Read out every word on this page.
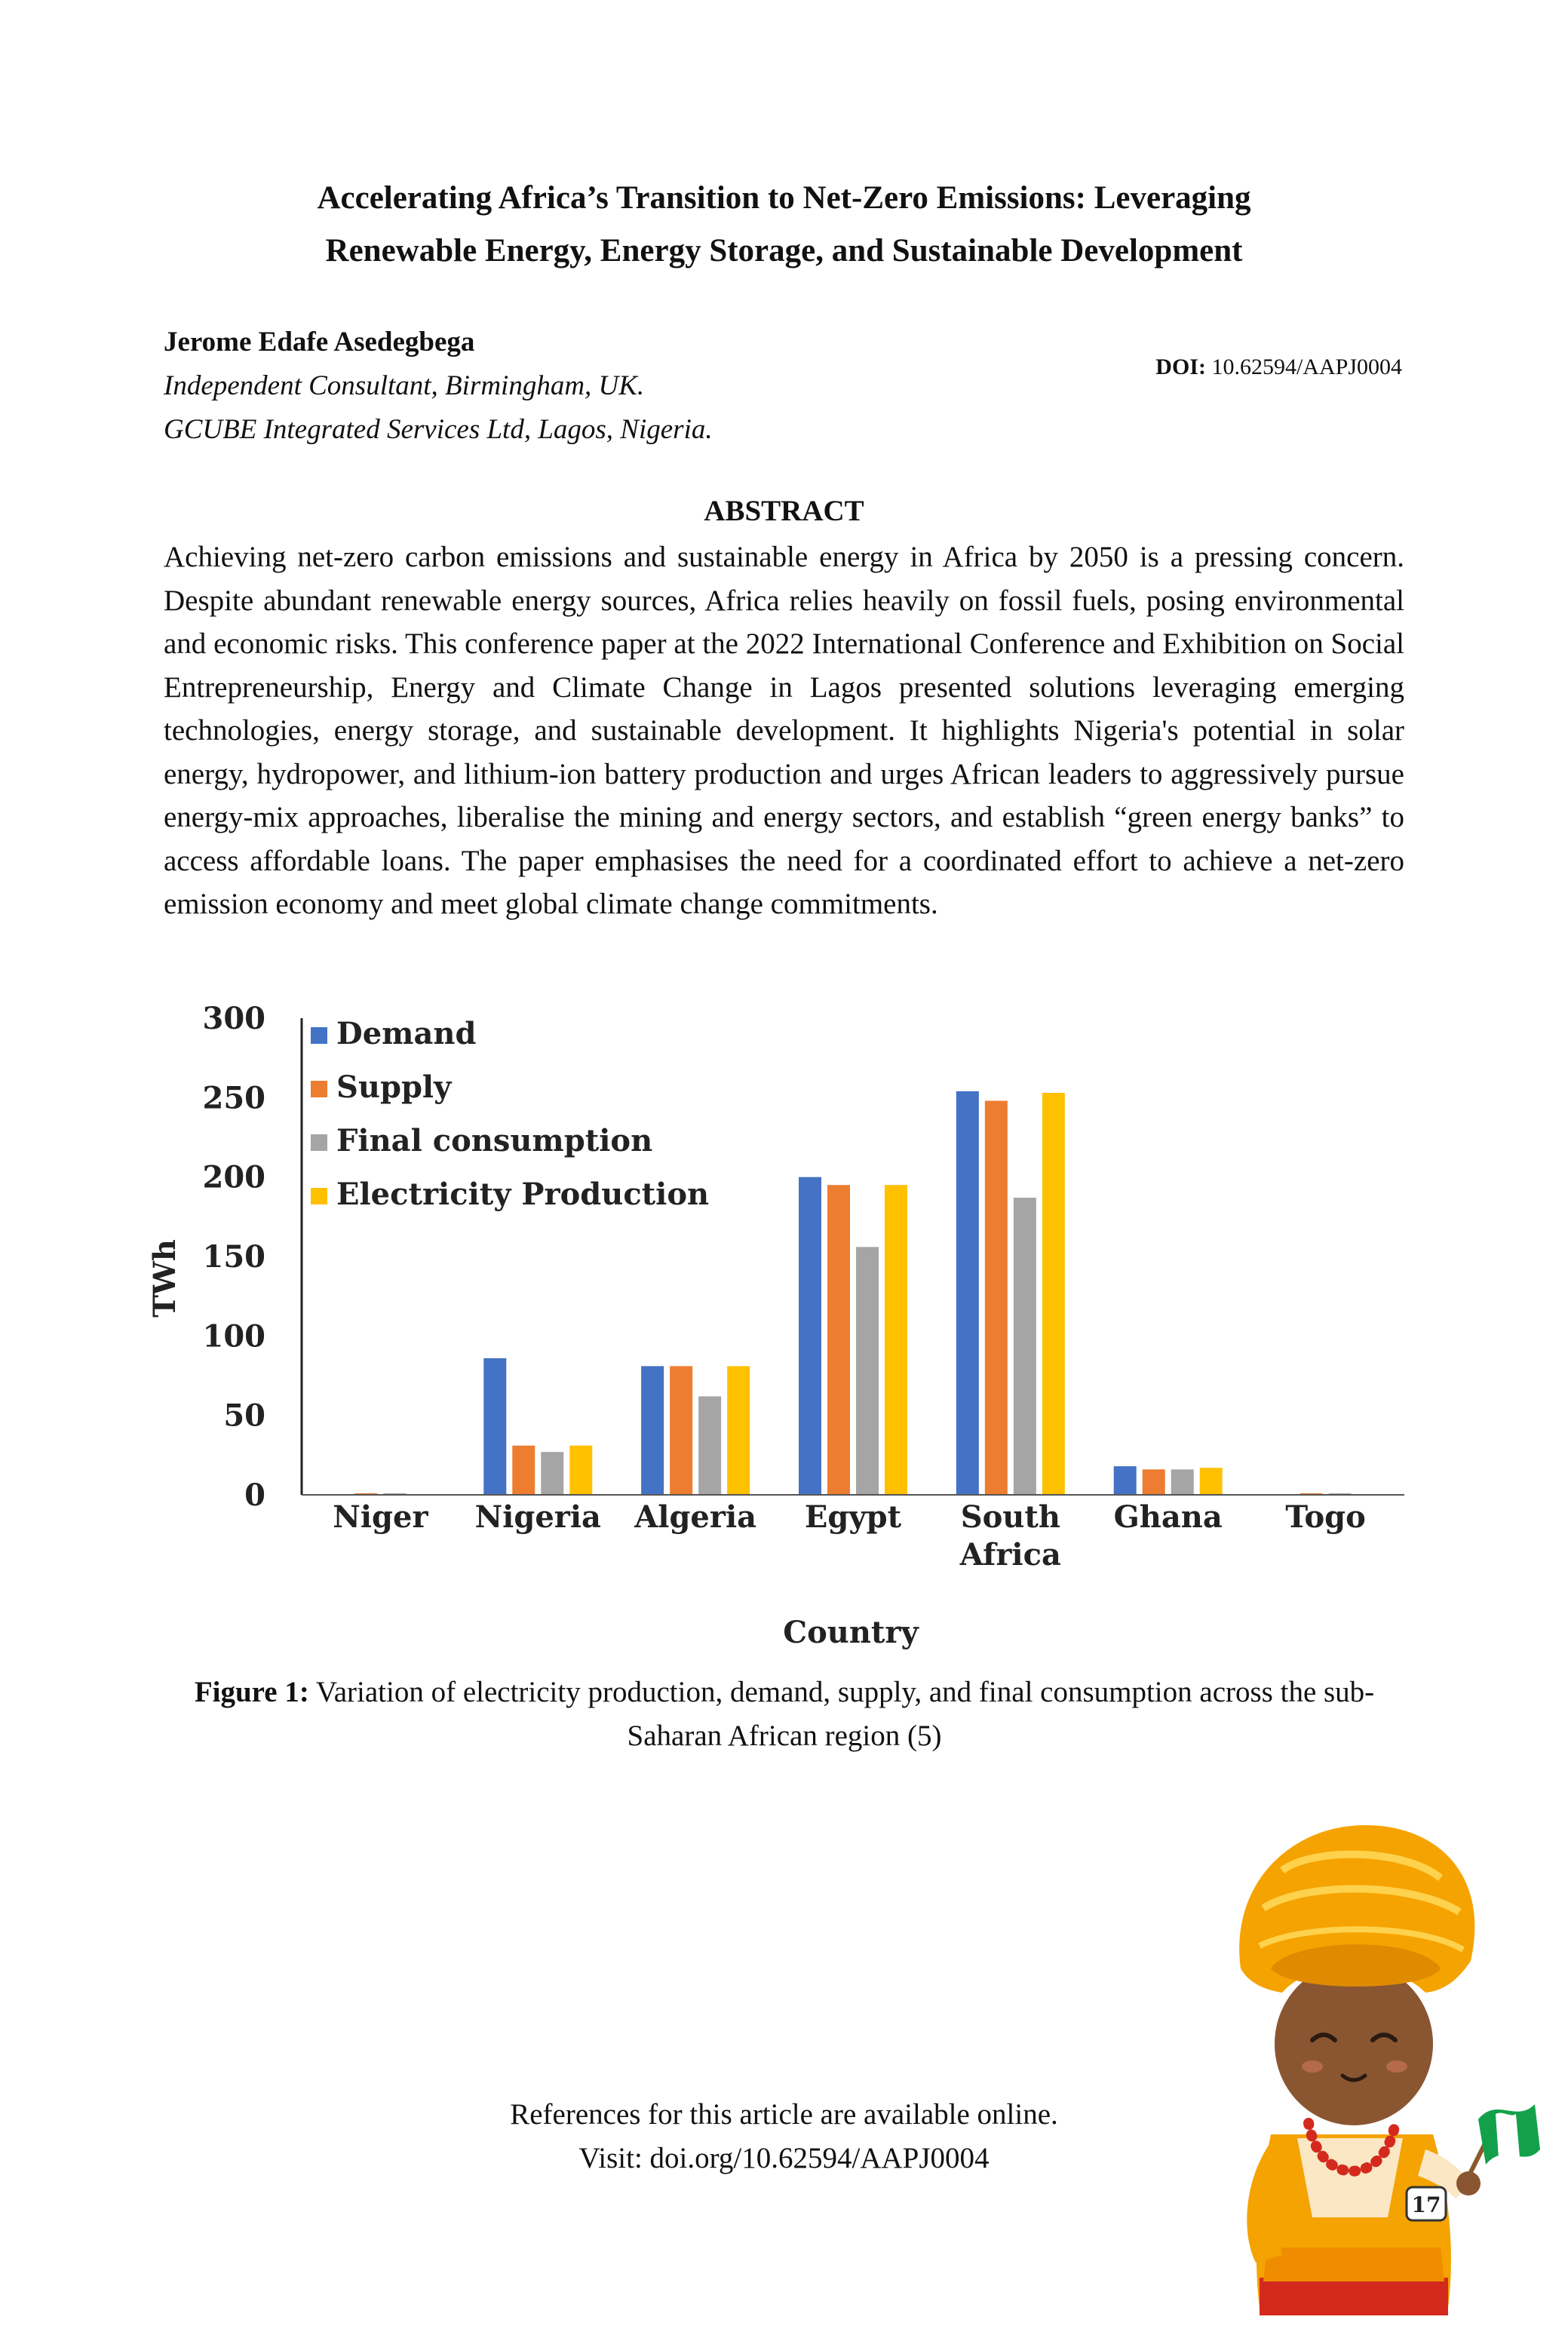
Accelerating Africa’s Transition to Net-Zero Emissions: Leveraging
Renewable Energy, Energy Storage, and Sustainable Development
Jerome Edafe Asedegbega
Independent Consultant, Birmingham, UK.
GCUBE Integrated Services Ltd, Lagos, Nigeria.
DOI: 10.62594/AAPJ0004
ABSTRACT
Achieving net-zero carbon emissions and sustainable energy in Africa by 2050 is a pressing concern. Despite abundant renewable energy sources, Africa relies heavily on fossil fuels, posing environmental and economic risks. This conference paper at the 2022 International Conference and Exhibition on Social Entrepreneurship, Energy and Climate Change in Lagos presented solutions leveraging emerging technologies, energy storage, and sustainable development. It highlights Nigeria's potential in solar energy, hydropower, and lithium-ion battery production and urges African leaders to aggressively pursue energy-mix approaches, liberalise the mining and energy sectors, and establish “green energy banks” to access affordable loans. The paper emphasises the need for a coordinated effort to achieve a net-zero emission economy and meet global climate change commitments.
0
50
100
150
200
250
300
Niger Nigeria Algeria Egypt South Africa
Ghana Togo
Demand
Supply
Final consumption
Electricity Production
TWh
Country
Figure 1: Variation of electricity production, demand, supply, and final consumption across the sub-Saharan African region (5)
References for this article are available online.
Visit: doi.org/10.62594/AAPJ0004
17
